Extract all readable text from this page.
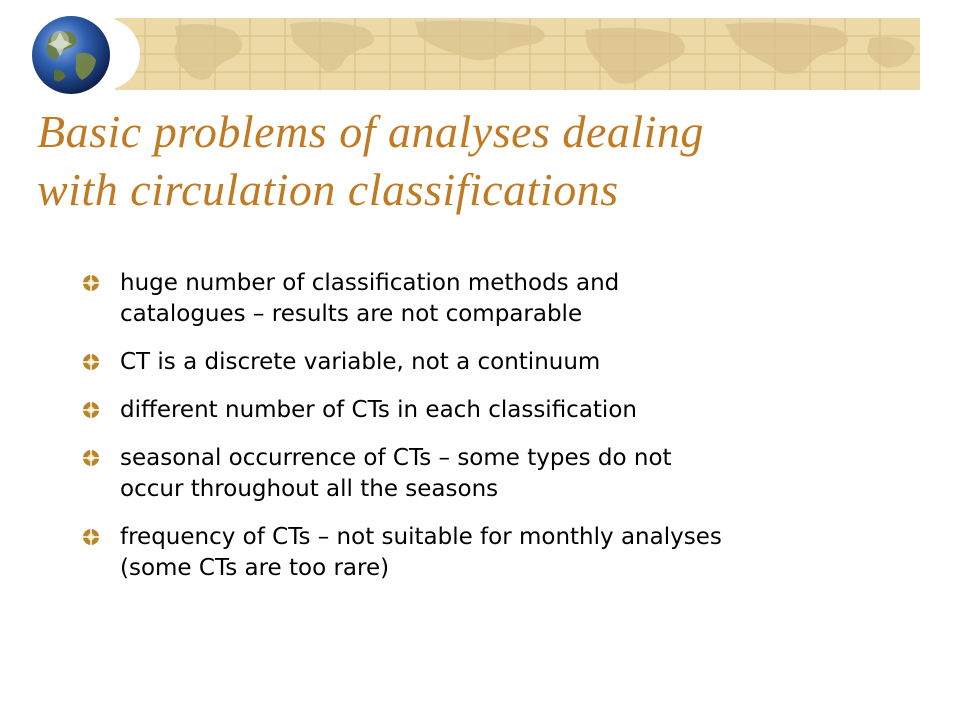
Basic problems of analyses dealing
with circulation classifications
huge number of classification methods and
catalogues – results are not comparable
CT is a discrete variable, not a continuum
different number of CTs in each classification
seasonal occurrence of CTs – some types do not
occur throughout all the seasons
frequency of CTs – not suitable for monthly analyses
(some CTs are too rare)
